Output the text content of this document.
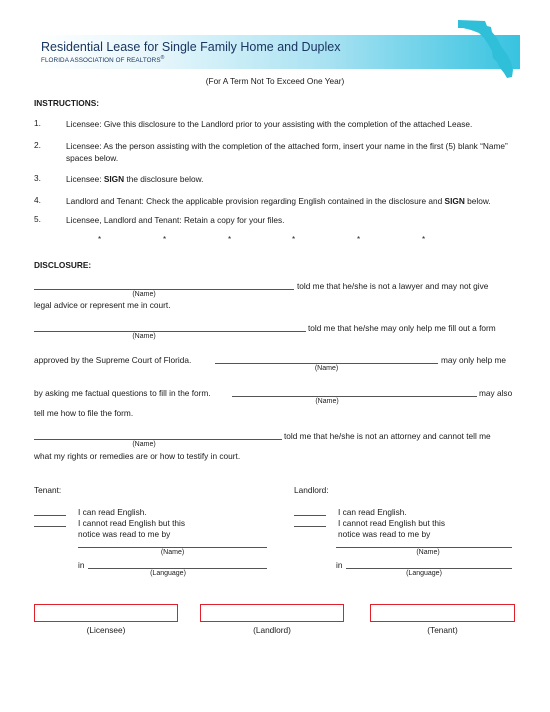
Residential Lease for Single Family Home and Duplex
FLORIDA ASSOCIATION OF REALTORS®
(For A Term Not To Exceed One Year)
INSTRUCTIONS:
1.	Licensee: Give this disclosure to the Landlord prior to your assisting with the completion of the attached Lease.
2.	Licensee: As the person assisting with the completion of the attached form, insert your name in the first (5) blank “Name” spaces below.
3.	Licensee: SIGN the disclosure below.
4.	Landlord and Tenant: Check the applicable provision regarding English contained in the disclosure and SIGN below.
5.	Licensee, Landlord and Tenant: Retain a copy for your files.
*	*	*	*	*	*
DISCLOSURE:
told me that he/she is not a lawyer and may not give
(Name)
legal advice or represent me in court.
told me that he/she may only help me fill out a form
(Name)
approved by the Supreme Court of Florida.	may only help me
(Name)
by asking me factual questions to fill in the form.	may also
(Name)
tell me how to file the form.
told me that he/she is not an attorney and cannot tell me
(Name)
what my rights or remedies are or how to testify in court.
Tenant:
I can read English.
I cannot read English but this
notice was read to me by
(Name)
in
(Language)
Landlord:
I can read English.
I cannot read English but this
notice was read to me by
(Name)
in
(Language)
(Licensee)	(Landlord)	(Tenant)
